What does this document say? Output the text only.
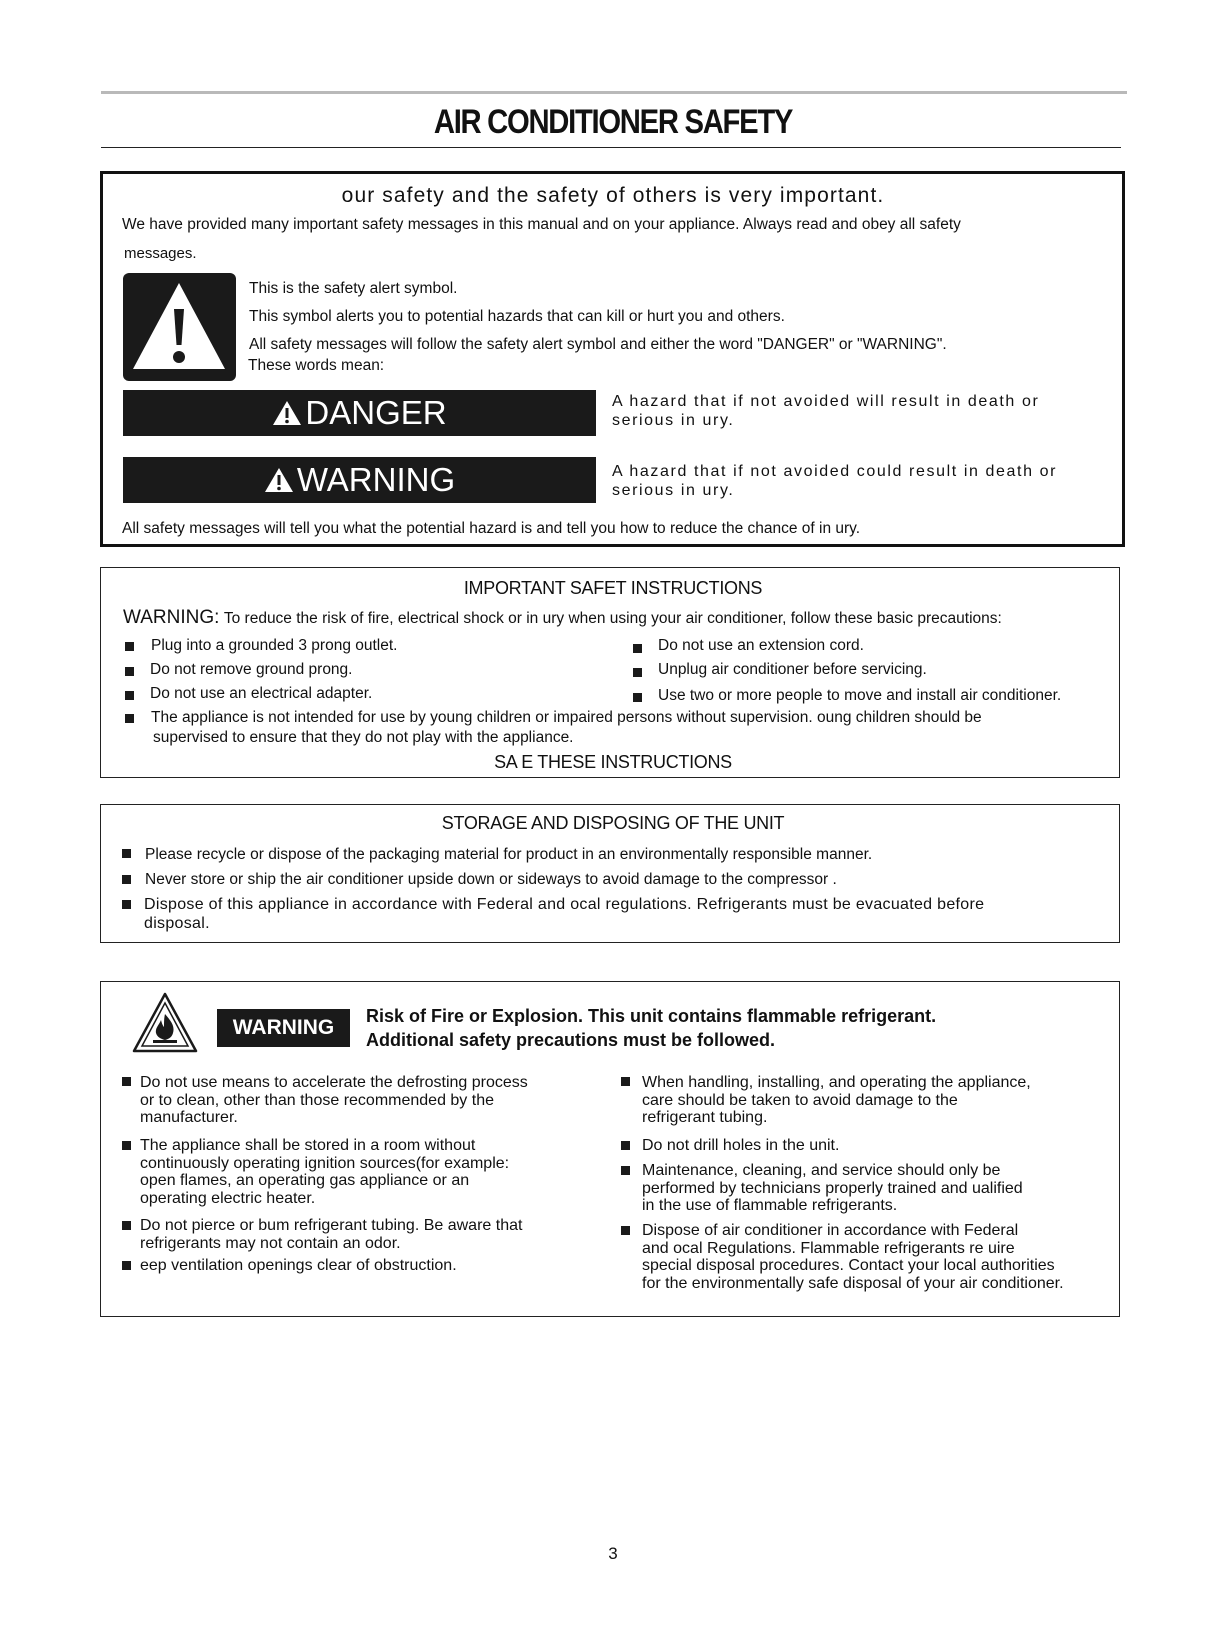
AIR CONDITIONER SAFETY
our safety and the safety of others is very important.
We have provided many important safety messages in this manual and on your appliance. Always read and obey all safety
messages.
This is the safety alert symbol.
This symbol alerts you to potential hazards that can kill or hurt you and others.
All safety messages will follow the safety alert symbol and either the word "DANGER" or "WARNING".
These words mean:
DANGER	A hazard that if not avoided will result in death or
serious in ury.
WARNING	A hazard that if not avoided could result in death or
serious in ury.
All safety messages will tell you what the potential hazard is and tell you how to reduce the chance of in ury.
IMPORTANT SAFET INSTRUCTIONS
WARNING: To reduce the risk of fire, electrical shock or in ury when using your air conditioner, follow these basic precautions:
Plug into a grounded 3 prong outlet.
Do not remove ground prong.
Do not use an electrical adapter.
Do not use an extension cord.
Unplug air conditioner before servicing.
Use two or more people to move and install air conditioner.
The appliance is not intended for use by young children or impaired persons without supervision. oung children should be
supervised to ensure that they do not play with the appliance.
SA E THESE INSTRUCTIONS
STORAGE AND DISPOSING OF THE UNIT
Please recycle or dispose of the packaging material for product in an environmentally responsible manner.
Never store or ship the air conditioner upside down or sideways to avoid damage to the compressor .
Dispose of this appliance in accordance with Federal and ocal regulations. Refrigerants must be evacuated before
disposal.
WARNING	Risk of Fire or Explosion. This unit contains flammable refrigerant.
Additional safety precautions must be followed.
Do not use means to accelerate the defrosting process
or to clean, other than those recommended by the
manufacturer.
The appliance shall be stored in a room without
continuously operating ignition sources(for example:
open flames, an operating gas appliance or an
operating electric heater.
Do not pierce or bum refrigerant tubing. Be aware that
refrigerants may not contain an odor.
eep ventilation openings clear of obstruction.
When handling, installing, and operating the appliance,
care should be taken to avoid damage to the
refrigerant tubing.
Do not drill holes in the unit.
Maintenance, cleaning, and service should only be
performed by technicians properly trained and ualified
in the use of flammable refrigerants.
Dispose of air conditioner in accordance with Federal
and ocal Regulations. Flammable refrigerants re uire
special disposal procedures. Contact your local authorities
for the environmentally safe disposal of your air conditioner.
3
